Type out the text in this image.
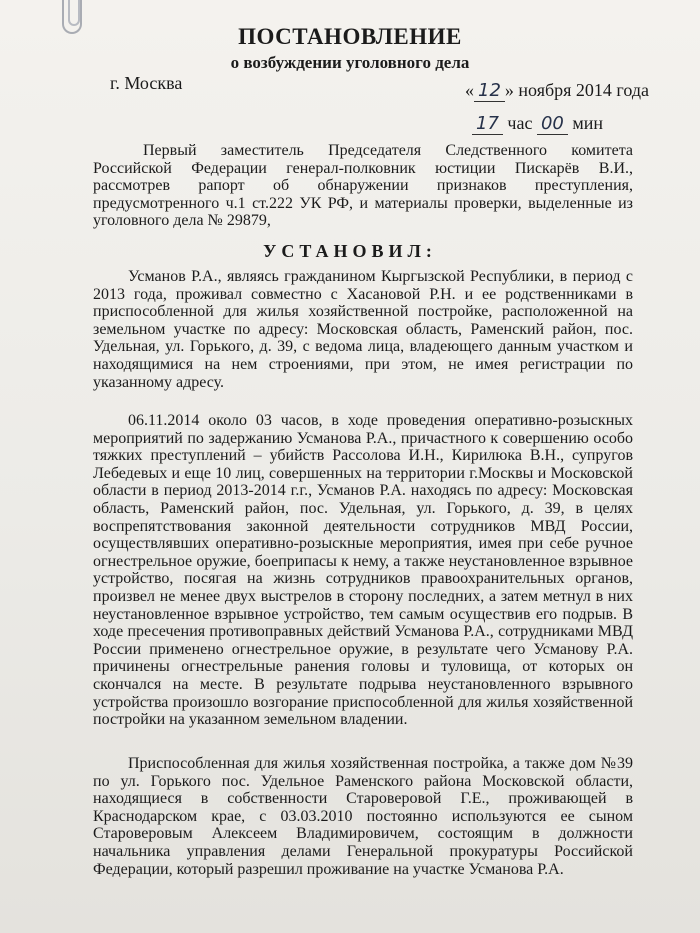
ПОСТАНОВЛЕНИЕ
о возбуждении уголовного дела
г. Москва	« 12 » ноября 2014 года
17 час 00 мин

Первый заместитель Председателя Следственного комитета Российской Федерации генерал-полковник юстиции Пискарёв В.И., рассмотрев рапорт об обнаружении признаков преступления, предусмотренного ч.1 ст.222 УК РФ, и материалы проверки, выделенные из уголовного дела № 29879,

УСТАНОВИЛ:

Усманов Р.А., являясь гражданином Кыргызской Республики, в период с 2013 года, проживал совместно с Хасановой Р.Н. и ее родственниками в приспособленной для жилья хозяйственной постройке, расположенной на земельном участке по адресу: Московская область, Раменский район, пос. Удельная, ул. Горького, д. 39, с ведома лица, владеющего данным участком и находящимися на нем строениями, при этом, не имея регистрации по указанному адресу.

06.11.2014 около 03 часов, в ходе проведения оперативно-розыскных мероприятий по задержанию Усманова Р.А., причастного к совершению особо тяжких преступлений – убийств Рассолова И.Н., Кирилюка В.Н., супругов Лебедевых и еще 10 лиц, совершенных на территории г.Москвы и Московской области в период 2013-2014 г.г., Усманов Р.А. находясь по адресу: Московская область, Раменский район, пос. Удельная, ул. Горького, д. 39, в целях воспрепятствования законной деятельности сотрудников МВД России, осуществлявших оперативно-розыскные мероприятия, имея при себе ручное огнестрельное оружие, боеприпасы к нему, а также неустановленное взрывное устройство, посягая на жизнь сотрудников правоохранительных органов, произвел не менее двух выстрелов в сторону последних, а затем метнул в них неустановленное взрывное устройство, тем самым осуществив его подрыв. В ходе пресечения противоправных действий Усманова Р.А., сотрудниками МВД России применено огнестрельное оружие, в результате чего Усманову Р.А. причинены огнестрельные ранения головы и туловища, от которых он скончался на месте. В результате подрыва неустановленного взрывного устройства произошло возгорание приспособленной для жилья хозяйственной постройки на указанном земельном владении.

Приспособленная для жилья хозяйственная постройка, а также дом №39 по ул. Горького пос. Удельное Раменского района Московской области, находящиеся в собственности Староверовой Г.Е., проживающей в Краснодарском крае, с 03.03.2010 постоянно используются ее сыном Староверовым Алексеем Владимировичем, состоящим в должности начальника управления делами Генеральной прокуратуры Российской Федерации, который разрешил проживание на участке Усманова Р.А.
